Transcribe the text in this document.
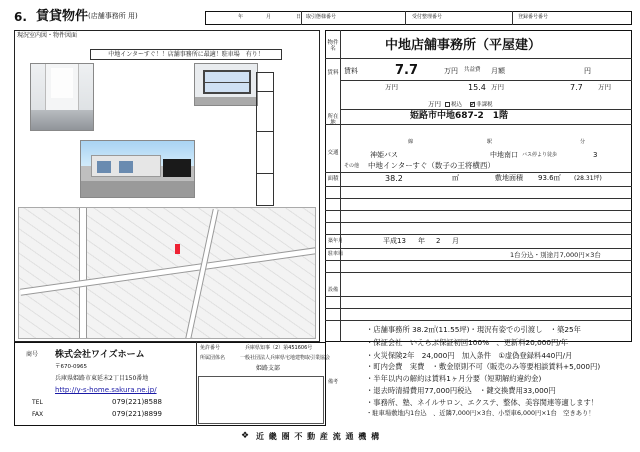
6. 賃貸物件 (店舗事務所 用)	年	月	日 取引態様番号	受付整理番号	登録番号番号
現況室内図・物件図面
中地インターすぐ！！店舗事務所に最適！駐車場　有り！
物件名	中地店舗事務所（平屋建）
賃料 賃料	7.7	万円 共益費 月額	円
万円	15.4 万円	7.7 万円
万円	税込
✓	非課税
所在地
姫路市中地687-2　1階
交通
線	駅	分
神姫バス	中地南口 バス停より徒歩	3
その他 中地インターすぐ（数子の王将横西）
面積	38.2	㎡	敷地面積 93.6㎡ (28.31坪)
築年月	平成13 年 2 月
駐車場	1台分込・別途月7,000円×3台
設備
備考
商号 株式会社ワイズホーム
〒670-0965
兵庫県姫路市東延末2丁目150番地
http://y-s-home.sakura.ne.jp/
TEL	079(221)8588
FAX	079(221)8899
免許番号	兵庫県知事（2）第451606号
所属団体名	一般社団法人兵庫県宅地建物取引業協会
姫路支部
・店舗事務所 38.2㎡(11.55坪)・現況有姿での引渡し　・築25年
・保証会社　いえらぶ保証初回100%　、更新料20,000円/年
・火災保険2年　24,000円　加入条件　①虚偽登録料440円/月
・町内会費　実費　・敷金原則不可（販売のみ等要相談賃料+5,000円)
・半年以内の解約は賃料1ヶ月分要（短期解約違約金)
・退去時清掃費用77,000円税込　・鍵交換費用33,000円
・事務所、塾、ネイルサロン、エクステ、整体、美容関連等適します！
・駐車場敷地内1台込　、近隣7,000円×3台、小型車6,000円×1台　空きあり！
❖ 近 畿 圏 不 動 産 流 通 機 構
